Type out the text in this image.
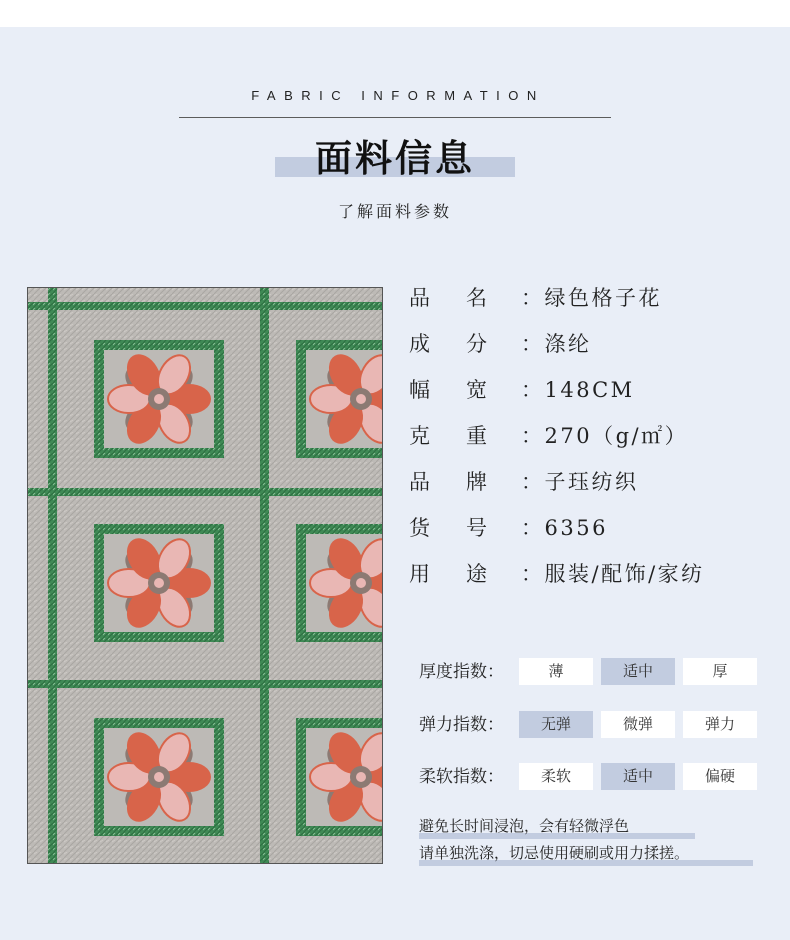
FABRIC INFORMATION
面料信息
了解面料参数
品名：绿色格子花
成分：涤纶
幅宽：148CM
克重：270（g/㎡）
品牌：子珏纺织
货号：6356
用途：服装/配饰/家纺
厚度指数：	薄	适中	厚
弹力指数：	无弹	微弹	弹力
柔软指数：	柔软	适中	偏硬
避免长时间浸泡，会有轻微浮色
请单独洗涤，切忌使用硬刷或用力揉搓。
